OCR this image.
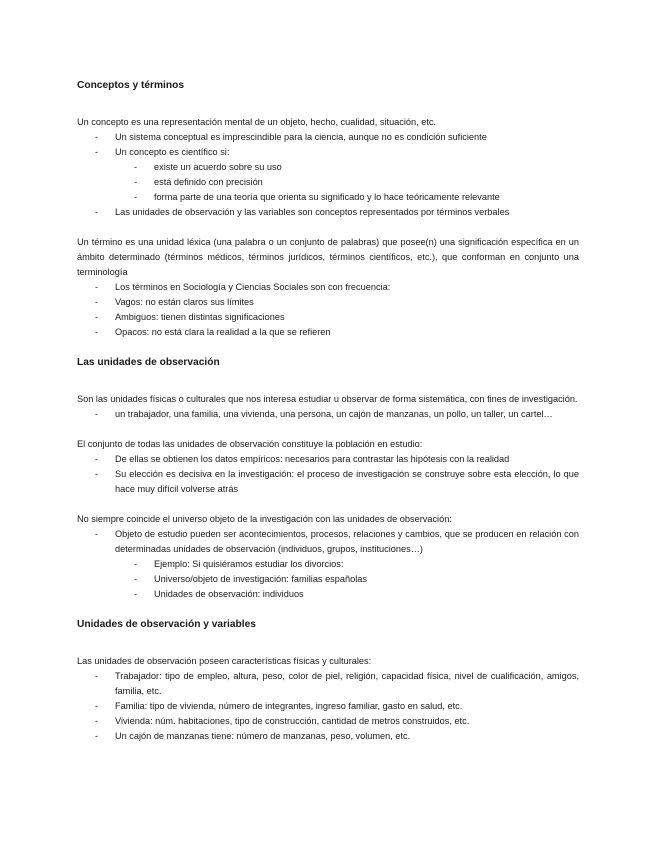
Conceptos y términos

Un concepto es una representación mental de un objeto, hecho, cualidad, situación, etc.

- Un sistema conceptual es imprescindible para la ciencia, aunque no es condición suficiente
- Un concepto es científico si:
- existe un acuerdo sobre su uso
- está definido con precisión
- forma parte de una teoría que orienta su significado y lo hace teóricamente relevante
- Las unidades de observación y las variables son conceptos representados por términos verbales

Un término es una unidad léxica (una palabra o un conjunto de palabras) que posee(n) una significación específica en un ámbito determinado (términos médicos, términos jurídicos, términos científicos, etc.), que conforman en conjunto una terminología

- Los términos en Sociología y Ciencias Sociales son con frecuencia:
- Vagos: no están claros sus límites
- Ambiguos: tienen distintas significaciones
- Opacos: no está clara la realidad a la que se refieren
Las unidades de observación

Son las unidades físicas o culturales que nos interesa estudiar u observar de forma sistemática, con fines de investigación.

- un trabajador, una familia, una vivienda, una persona, un cajón de manzanas, un pollo, un taller, un cartel…

El conjunto de todas las unidades de observación constituye la población en estudio:

- De ellas se obtienen los datos empíricos: necesarios para contrastar las hipótesis con la realidad
- Su elección es decisiva en la investigación: el proceso de investigación se construye sobre esta elección, lo que hace muy difícil volverse atrás

No siempre coincide el universo objeto de la investigación con las unidades de observación:

- Objeto de estudio pueden ser acontecimientos, procesos, relaciones y cambios, que se producen en relación con determinadas unidades de observación (individuos, grupos, instituciones…)
- Ejemplo: Si quisiéramos estudiar los divorcios:
- Universo/objeto de investigación: familias españolas
- Unidades de observación: individuos
Unidades de observación y variables

Las unidades de observación poseen características físicas y culturales:

- Trabajador: tipo de empleo, altura, peso, color de piel, religión, capacidad física, nivel de cualificación, amigos, familia, etc.
- Familia: tipo de vivienda, número de integrantes, ingreso familiar, gasto en salud, etc.
- Vivienda: núm. habitaciones, tipo de construcción, cantidad de metros construidos, etc.
- Un cajón de manzanas tiene: número de manzanas, peso, volumen, etc.
